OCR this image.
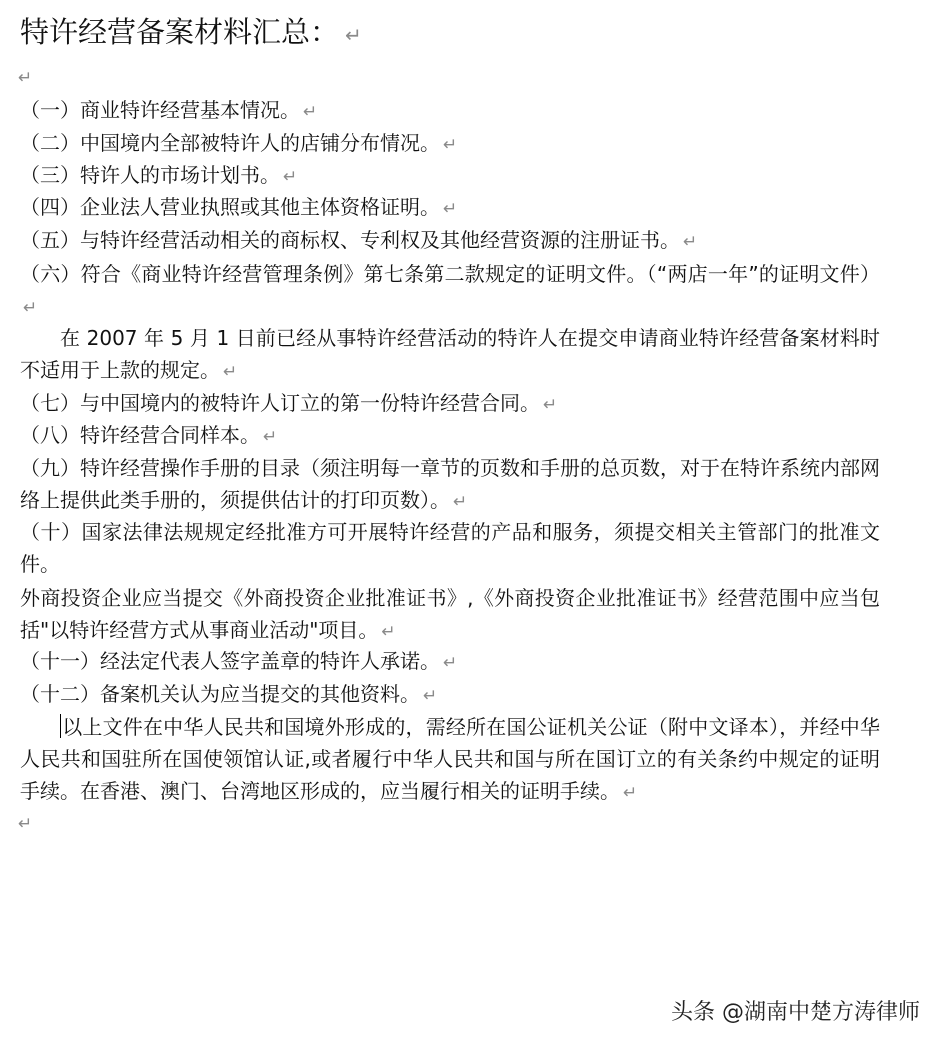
特许经营备案材料汇总： ↵
↵
（一）商业特许经营基本情况。 ↵
（二）中国境内全部被特许人的店铺分布情况。 ↵
（三）特许人的市场计划书。 ↵
（四）企业法人营业执照或其他主体资格证明。 ↵
（五）与特许经营活动相关的商标权、专利权及其他经营资源的注册证书。 ↵
（六）符合《商业特许经营管理条例》第七条第二款规定的证明文件。（“两店一年”的证明文件）↵
在 2007 年 5 月 1 日前已经从事特许经营活动的特许人在提交申请商业特许经营备案材料时不适用于上款的规定。 ↵
（七）与中国境内的被特许人订立的第一份特许经营合同。 ↵
（八）特许经营合同样本。 ↵
（九）特许经营操作手册的目录（须注明每一章节的页数和手册的总页数，对于在特许系统内部网络上提供此类手册的，须提供估计的打印页数）。 ↵
（十）国家法律法规规定经批准方可开展特许经营的产品和服务，须提交相关主管部门的批准文件。
外商投资企业应当提交《外商投资企业批准证书》,《外商投资企业批准证书》经营范围中应当包括"以特许经营方式从事商业活动"项目。 ↵
（十一）经法定代表人签字盖章的特许人承诺。 ↵
（十二）备案机关认为应当提交的其他资料。 ↵
以上文件在中华人民共和国境外形成的，需经所在国公证机关公证（附中文译本），并经中华人民共和国驻所在国使领馆认证,或者履行中华人民共和国与所在国订立的有关条约中规定的证明手续。在香港、澳门、台湾地区形成的，应当履行相关的证明手续。 ↵
↵
头条 @湖南中楚方涛律师
